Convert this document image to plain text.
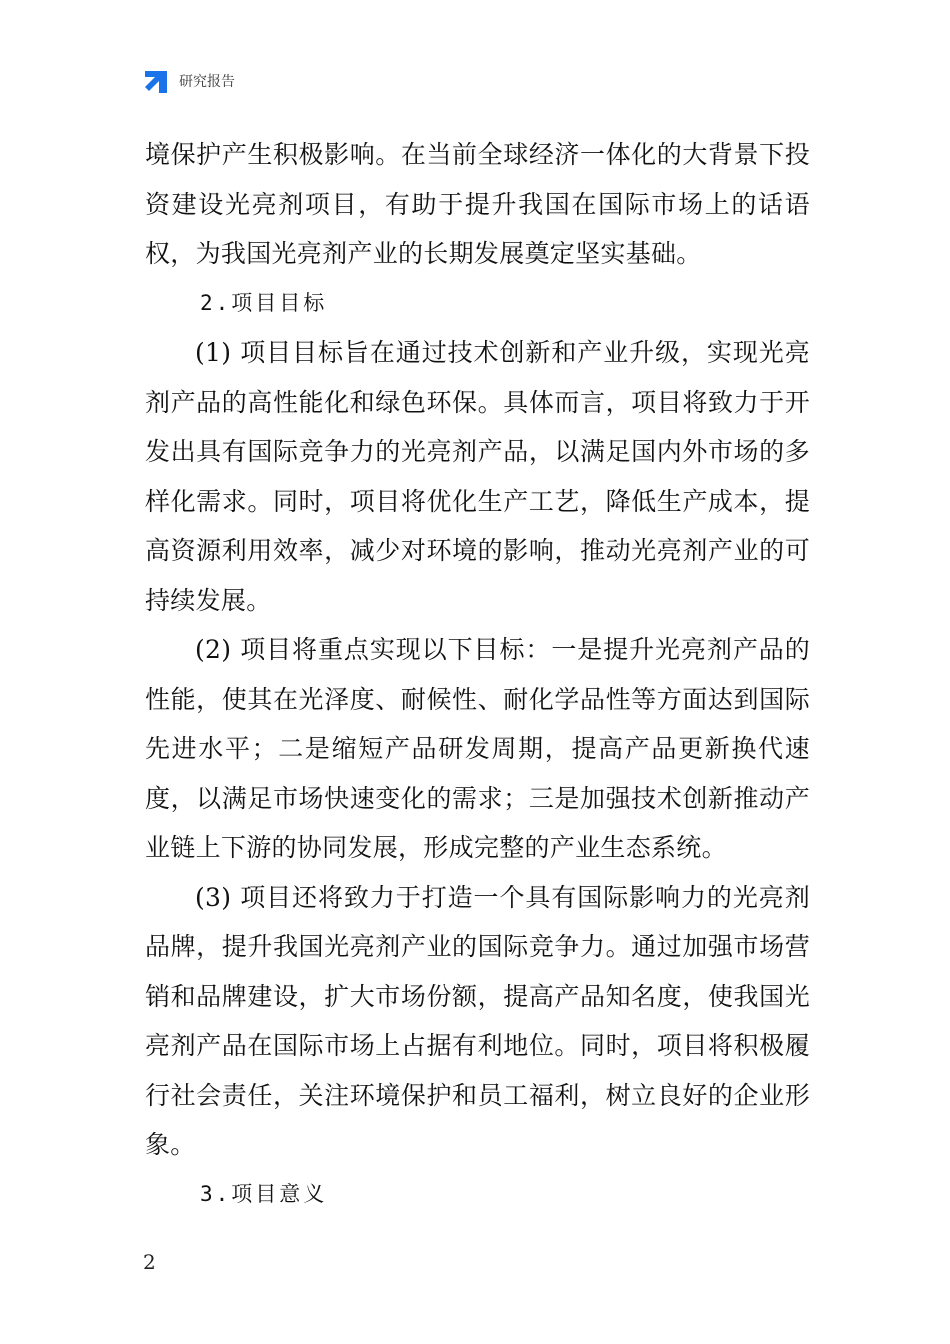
研究报告

境保护产生积极影响。在当前全球经济一体化的大背景下投资建设光亮剂项目，有助于提升我国在国际市场上的话语权，为我国光亮剂产业的长期发展奠定坚实基础。

2.项目目标

(1) 项目目标旨在通过技术创新和产业升级，实现光亮剂产品的高性能化和绿色环保。具体而言，项目将致力于开发出具有国际竞争力的光亮剂产品，以满足国内外市场的多样化需求。同时，项目将优化生产工艺，降低生产成本，提高资源利用效率，减少对环境的影响，推动光亮剂产业的可持续发展。

(2) 项目将重点实现以下目标：一是提升光亮剂产品的性能，使其在光泽度、耐候性、耐化学品性等方面达到国际先进水平；二是缩短产品研发周期，提高产品更新换代速度，以满足市场快速变化的需求；三是加强技术创新推动产业链上下游的协同发展，形成完整的产业生态系统。

(3) 项目还将致力于打造一个具有国际影响力的光亮剂品牌，提升我国光亮剂产业的国际竞争力。通过加强市场营销和品牌建设，扩大市场份额，提高产品知名度，使我国光亮剂产品在国际市场上占据有利地位。同时，项目将积极履行社会责任，关注环境保护和员工福利，树立良好的企业形象。

3.项目意义

2
